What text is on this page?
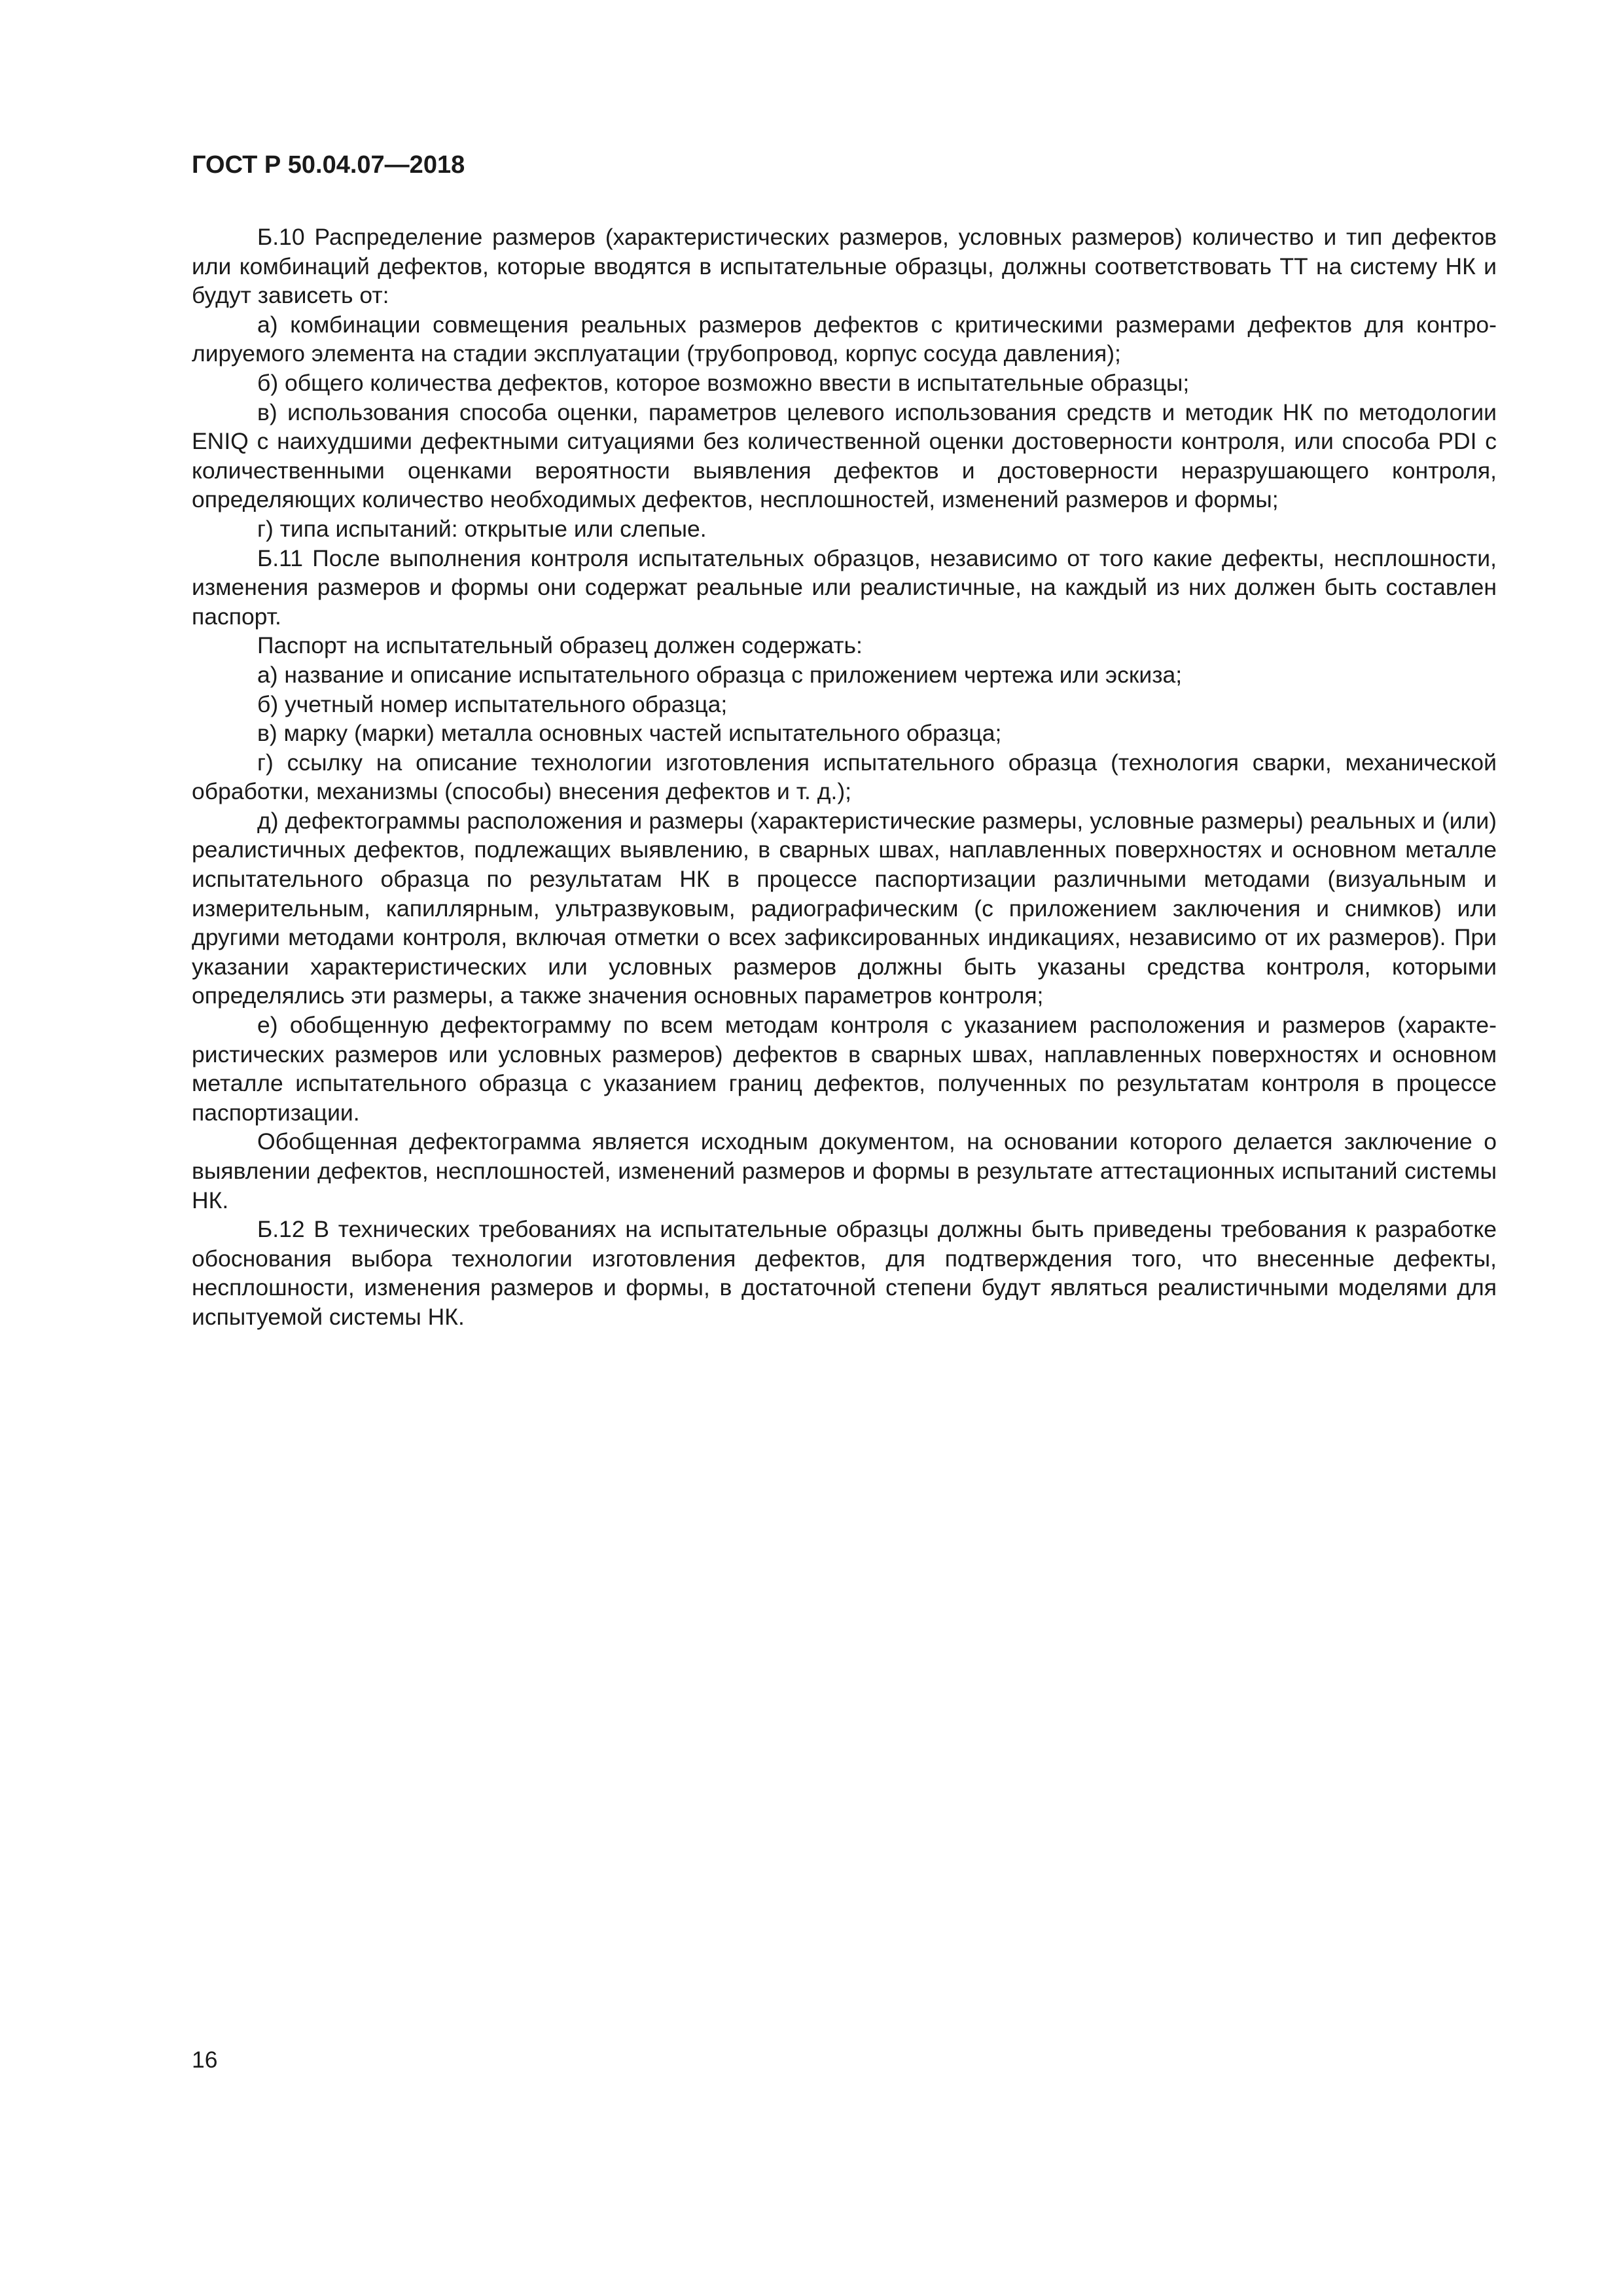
ГОСТ Р 50.04.07—2018

Б.10 Распределение размеров (характеристических размеров, условных размеров) количество и тип дефектов или комбинаций дефектов, которые вводятся в испытательные образцы, должны соответствовать ТТ на систему НК и будут зависеть от:

а) комбинации совмещения реальных размеров дефектов с критическими размерами дефектов для контролируемого элемента на стадии эксплуатации (трубопровод, корпус сосуда давления);

б) общего количества дефектов, которое возможно ввести в испытательные образцы;

в) использования способа оценки, параметров целевого использования средств и методик НК по методологии ENIQ с наихудшими дефектными ситуациями без количественной оценки достоверности контроля, или способа PDI с количественными оценками вероятности выявления дефектов и достоверности неразрушающего контроля, определяющих количество необходимых дефектов, несплошностей, изменений размеров и формы;

г) типа испытаний: открытые или слепые.

Б.11 После выполнения контроля испытательных образцов, независимо от того какие дефекты, несплошности, изменения размеров и формы они содержат реальные или реалистичные, на каждый из них должен быть составлен паспорт.

Паспорт на испытательный образец должен содержать:

а) название и описание испытательного образца с приложением чертежа или эскиза;

б) учетный номер испытательного образца;

в) марку (марки) металла основных частей испытательного образца;

г) ссылку на описание технологии изготовления испытательного образца (технология сварки, механической обработки, механизмы (способы) внесения дефектов и т. д.);

д) дефектограммы расположения и размеры (характеристические размеры, условные размеры) реальных и (или) реалистичных дефектов, подлежащих выявлению, в сварных швах, наплавленных поверхностях и основном металле испытательного образца по результатам НК в процессе паспортизации различными методами (визуальным и измерительным, капиллярным, ультразвуковым, радиографическим (с приложением заключения и снимков) или другими методами контроля, включая отметки о всех зафиксированных индикациях, независимо от их размеров). При указании характеристических или условных размеров должны быть указаны средства контроля, которыми определялись эти размеры, а также значения основных параметров контроля;

е) обобщенную дефектограмму по всем методам контроля с указанием расположения и размеров (характеристических размеров или условных размеров) дефектов в сварных швах, наплавленных поверхностях и основном металле испытательного образца с указанием границ дефектов, полученных по результатам контроля в процессе паспортизации.

Обобщенная дефектограмма является исходным документом, на основании которого делается заключение о выявлении дефектов, несплошностей, изменений размеров и формы в результате аттестационных испытаний системы НК.

Б.12 В технических требованиях на испытательные образцы должны быть приведены требования к разработке обоснования выбора технологии изготовления дефектов, для подтверждения того, что внесенные дефекты, несплошности, изменения размеров и формы, в достаточной степени будут являться реалистичными моделями для испытуемой системы НК.

16
